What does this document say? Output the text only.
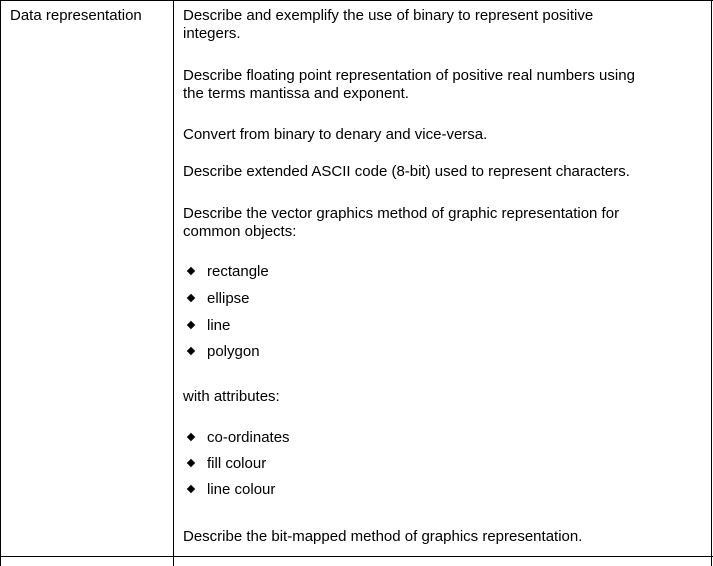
Data representation	Describe and exemplify the use of binary to represent positive
integers.
Describe floating point representation of positive real numbers using
the terms mantissa and exponent.
Convert from binary to denary and vice-versa.
Describe extended ASCII code (8-bit) used to represent characters.
Describe the vector graphics method of graphic representation for
common objects:
rectangle
ellipse
line
polygon
with attributes:
co-ordinates
fill colour
line colour
Describe the bit-mapped method of graphics representation.
